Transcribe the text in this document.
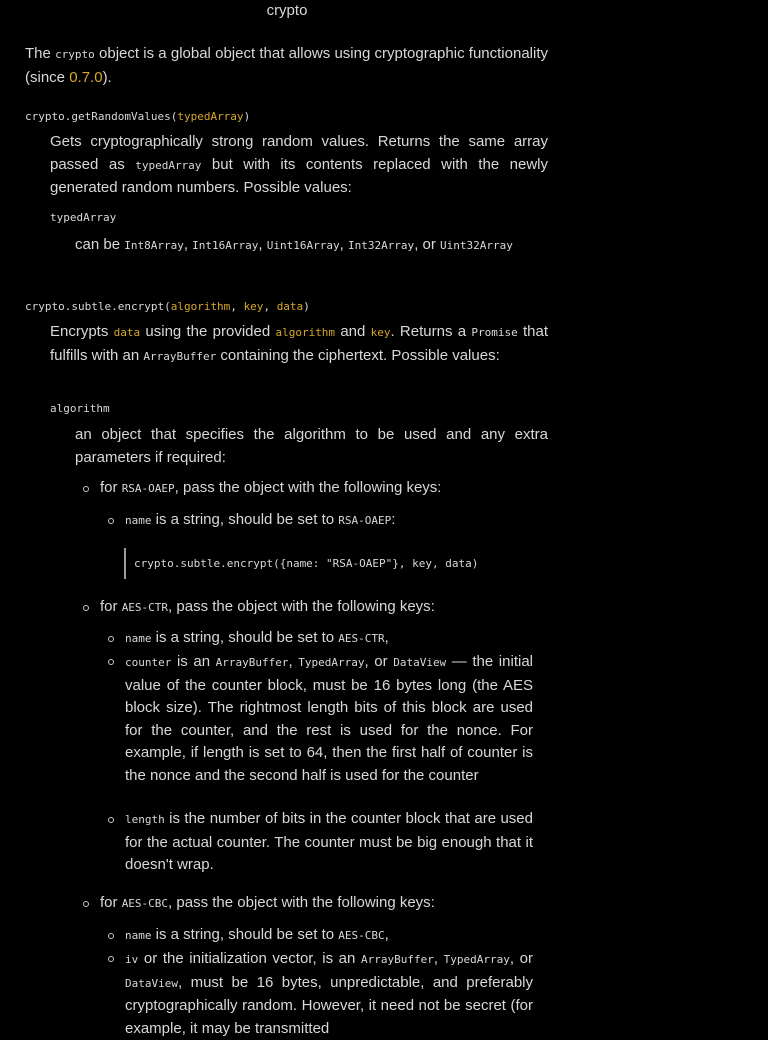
crypto
The crypto object is a global object that allows using cryptographic functionality (since 0.7.0).
crypto.getRandomValues(typedArray)
Gets cryptographically strong random values. Returns the same array passed as typedArray but with its contents replaced with the newly generated random numbers. Possible values:
typedArray
can be Int8Array, Int16Array, Uint16Array, Int32Array, or Uint32Array
crypto.subtle.encrypt(algorithm, key, data)
Encrypts data using the provided algorithm and key. Returns a Promise that fulfills with an ArrayBuffer containing the ciphertext. Possible values:
algorithm
an object that specifies the algorithm to be used and any extra parameters if required:
for RSA-OAEP, pass the object with the following keys:
name is a string, should be set to RSA-OAEP:
crypto.subtle.encrypt({name: "RSA-OAEP"}, key, data)
for AES-CTR, pass the object with the following keys:
name is a string, should be set to AES-CTR,
counter is an ArrayBuffer, TypedArray, or DataView — the initial value of the counter block, must be 16 bytes long (the AES block size). The rightmost length bits of this block are used for the counter, and the rest is used for the nonce. For example, if length is set to 64, then the first half of counter is the nonce and the second half is used for the counter
length is the number of bits in the counter block that are used for the actual counter. The counter must be big enough that it doesn't wrap.
for AES-CBC, pass the object with the following keys:
name is a string, should be set to AES-CBC,
iv or the initialization vector, is an ArrayBuffer, TypedArray, or DataView, must be 16 bytes, unpredictable, and preferably cryptographically random. However, it need not be secret (for example, it may be transmitted
